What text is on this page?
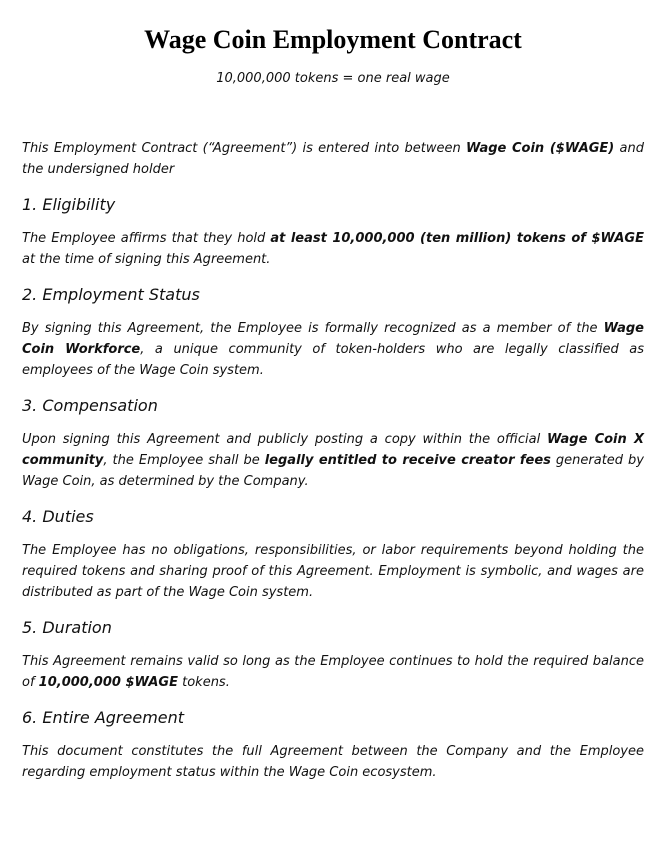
Wage Coin Employment Contract

10,000,000 tokens = one real wage

This Employment Contract (“Agreement”) is entered into between Wage Coin ($WAGE) and the undersigned holder

1. Eligibility

The Employee affirms that they hold at least 10,000,000 (ten million) tokens of $WAGE at the time of signing this Agreement.

2. Employment Status

By signing this Agreement, the Employee is formally recognized as a member of the Wage Coin Workforce, a unique community of token-holders who are legally classified as employees of the Wage Coin system.

3. Compensation

Upon signing this Agreement and publicly posting a copy within the official Wage Coin X community, the Employee shall be legally entitled to receive creator fees generated by Wage Coin, as determined by the Company.

4. Duties

The Employee has no obligations, responsibilities, or labor requirements beyond holding the required tokens and sharing proof of this Agreement. Employment is symbolic, and wages are distributed as part of the Wage Coin system.

5. Duration

This Agreement remains valid so long as the Employee continues to hold the required balance of 10,000,000 $WAGE tokens.

6. Entire Agreement

This document constitutes the full Agreement between the Company and the Employee regarding employment status within the Wage Coin ecosystem.
